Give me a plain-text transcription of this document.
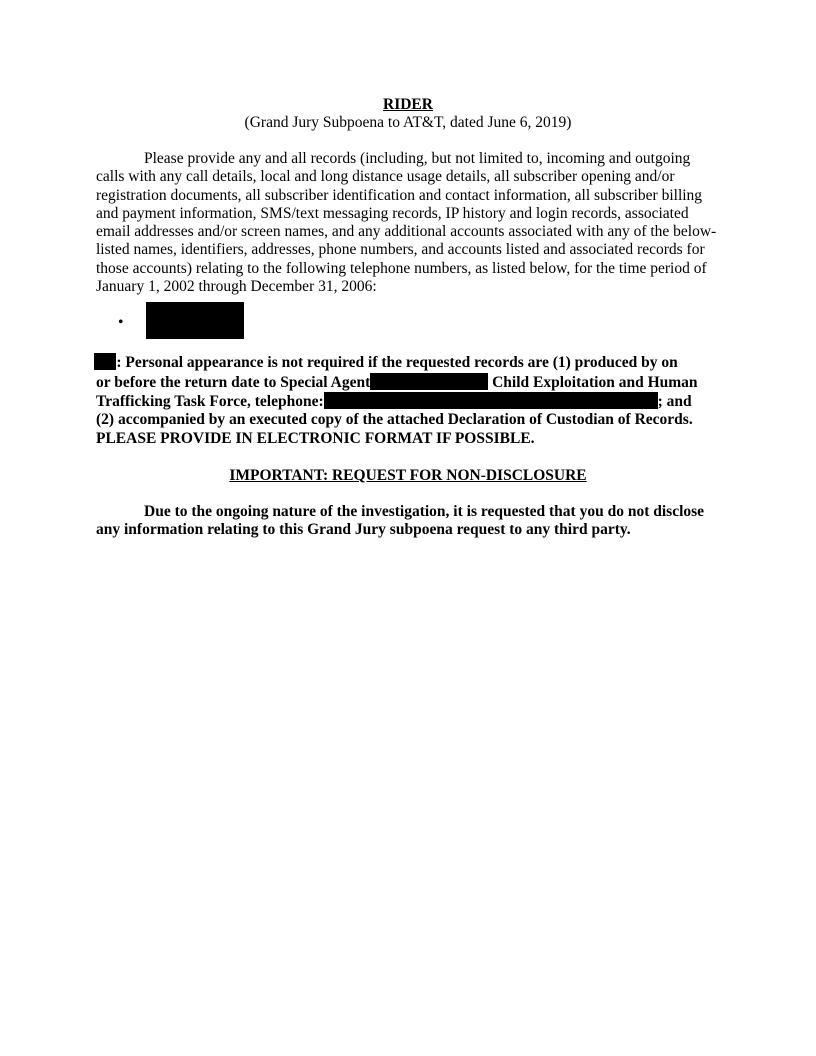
RIDER

(Grand Jury Subpoena to AT&T, dated June 6, 2019)

Please provide any and all records (including, but not limited to, incoming and outgoing calls with any call details, local and long distance usage details, all subscriber opening and/or registration documents, all subscriber identification and contact information, all subscriber billing and payment information, SMS/text messaging records, IP history and login records, associated email addresses and/or screen names, and any additional accounts associated with any of the below-listed names, identifiers, addresses, phone numbers, and accounts listed and associated records for those accounts) relating to the following telephone numbers, as listed below, for the time period of January 1, 2002 through December 31, 2006:

•

: Personal appearance is not required if the requested records are (1) produced by on

or before the return date to Special Agent	Child Exploitation and Human

Trafficking Task Force, telephone:	; and

(2) accompanied by an executed copy of the attached Declaration of Custodian of Records.

PLEASE PROVIDE IN ELECTRONIC FORMAT IF POSSIBLE.

IMPORTANT: REQUEST FOR NON-DISCLOSURE

Due to the ongoing nature of the investigation, it is requested that you do not disclose any information relating to this Grand Jury subpoena request to any third party.
